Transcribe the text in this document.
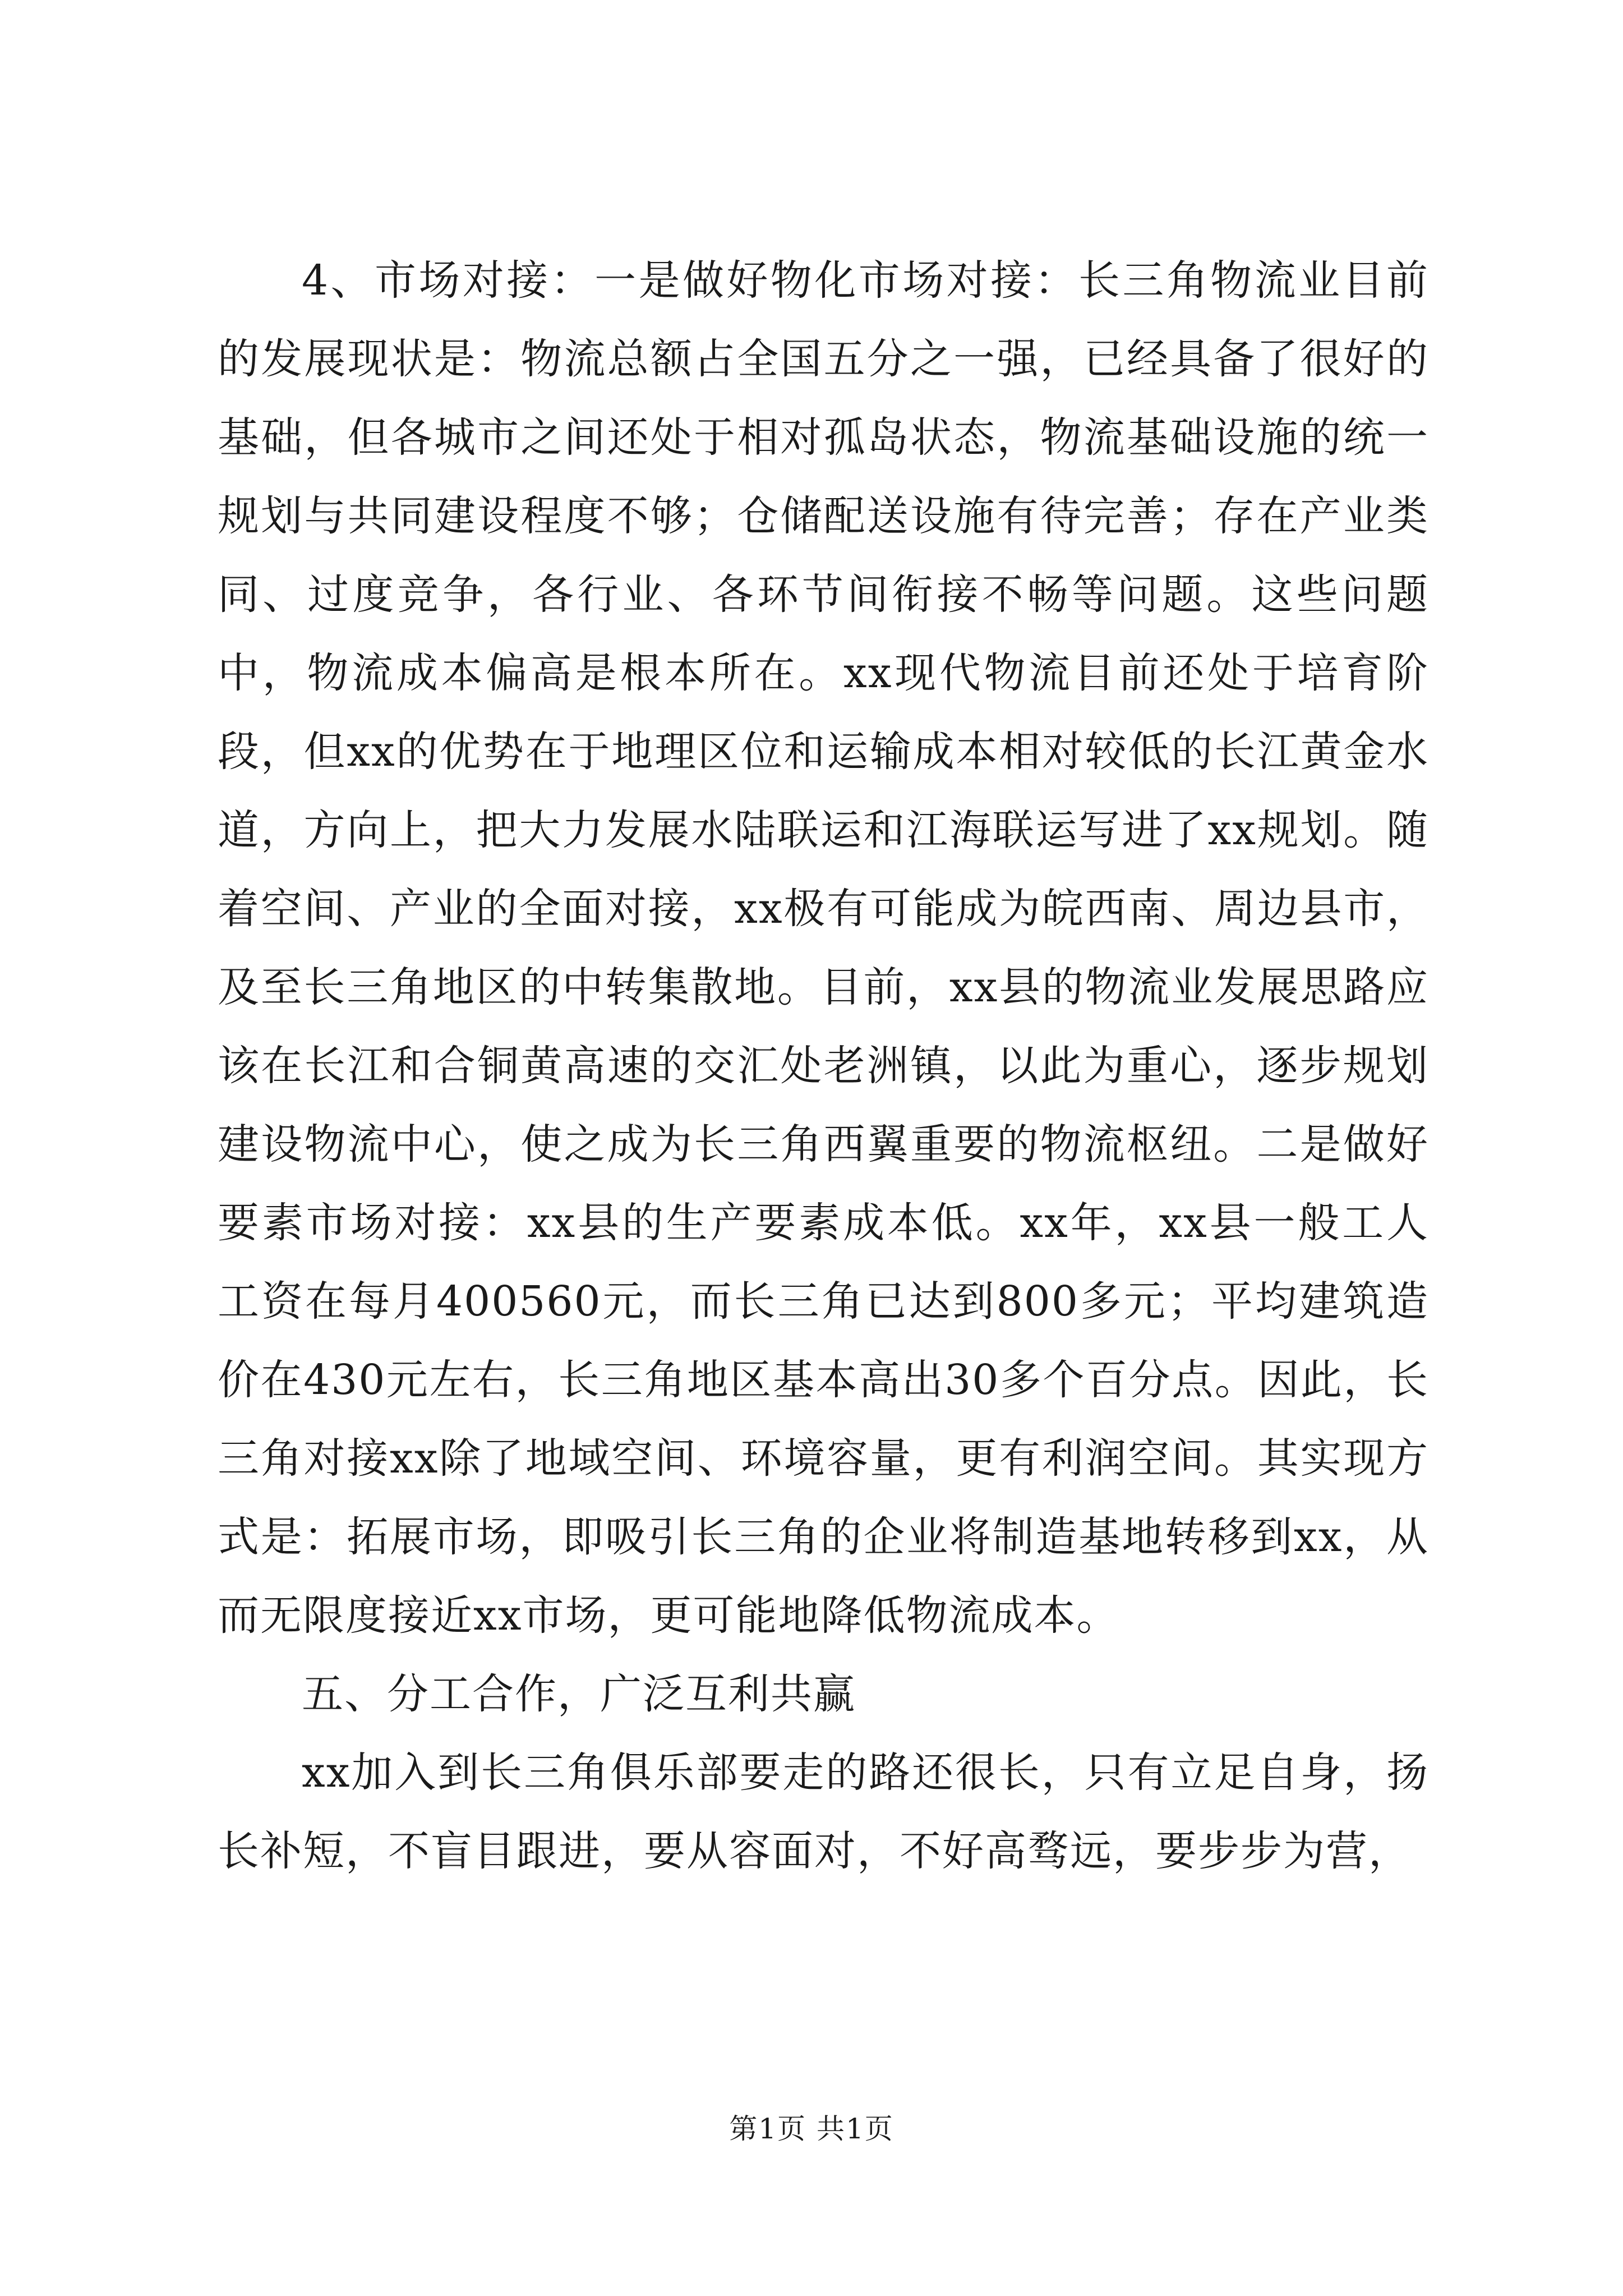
4、市场对接：一是做好物化市场对接：长三角物流业目前的发展现状是：物流总额占全国五分之一强，已经具备了很好的基础，但各城市之间还处于相对孤岛状态，物流基础设施的统一规划与共同建设程度不够；仓储配送设施有待完善；存在产业类同、过度竞争，各行业、各环节间衔接不畅等问题。这些问题中，物流成本偏高是根本所在。xx现代物流目前还处于培育阶段，但xx的优势在于地理区位和运输成本相对较低的长江黄金水道，方向上，把大力发展水陆联运和江海联运写进了xx规划。随着空间、产业的全面对接，xx极有可能成为皖西南、周边县市，及至长三角地区的中转集散地。目前，xx县的物流业发展思路应该在长江和合铜黄高速的交汇处老洲镇，以此为重心，逐步规划建设物流中心，使之成为长三角西翼重要的物流枢纽。二是做好要素市场对接：xx县的生产要素成本低。xx年，xx县一般工人工资在每月400560元，而长三角已达到800多元；平均建筑造价在430元左右，长三角地区基本高出30多个百分点。因此，长三角对接xx除了地域空间、环境容量，更有利润空间。其实现方式是：拓展市场，即吸引长三角的企业将制造基地转移到xx，从而无限度接近xx市场，更可能地降低物流成本。

五、分工合作，广泛互利共赢

xx加入到长三角俱乐部要走的路还很长，只有立足自身，扬长补短，不盲目跟进，要从容面对，不好高骛远，要步步为营，

第1页 共1页
